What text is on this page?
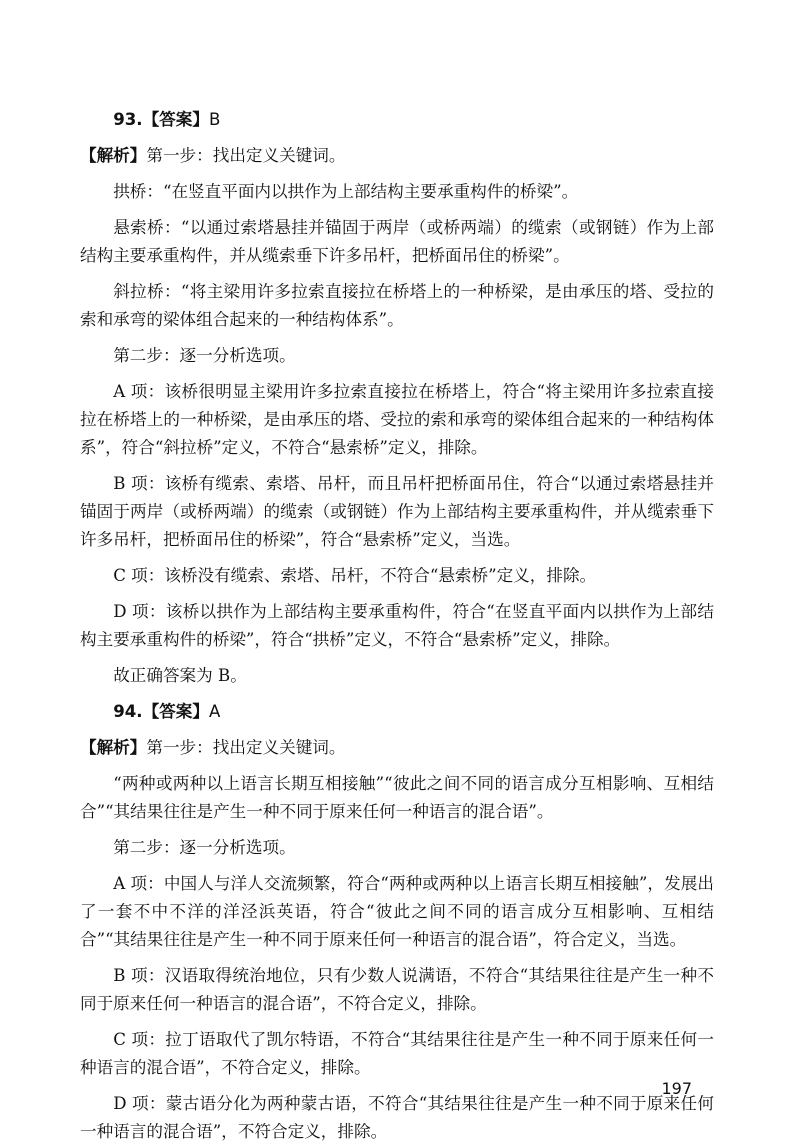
93.【答案】B

【解析】第一步：找出定义关键词。

拱桥：“在竖直平面内以拱作为上部结构主要承重构件的桥梁”。

悬索桥：“以通过索塔悬挂并锚固于两岸（或桥两端）的缆索（或钢链）作为上部结构主要承重构件，并从缆索垂下许多吊杆，把桥面吊住的桥梁”。

斜拉桥：“将主梁用许多拉索直接拉在桥塔上的一种桥梁，是由承压的塔、受拉的索和承弯的梁体组合起来的一种结构体系”。

第二步：逐一分析选项。

A 项：该桥很明显主梁用许多拉索直接拉在桥塔上，符合“将主梁用许多拉索直接拉在桥塔上的一种桥梁，是由承压的塔、受拉的索和承弯的梁体组合起来的一种结构体系”，符合“斜拉桥”定义，不符合“悬索桥”定义，排除。

B 项：该桥有缆索、索塔、吊杆，而且吊杆把桥面吊住，符合“以通过索塔悬挂并锚固于两岸（或桥两端）的缆索（或钢链）作为上部结构主要承重构件，并从缆索垂下许多吊杆，把桥面吊住的桥梁”，符合“悬索桥”定义，当选。

C 项：该桥没有缆索、索塔、吊杆，不符合“悬索桥”定义，排除。

D 项：该桥以拱作为上部结构主要承重构件，符合“在竖直平面内以拱作为上部结构主要承重构件的桥梁”，符合“拱桥”定义，不符合“悬索桥”定义，排除。

故正确答案为 B。

94.【答案】A

【解析】第一步：找出定义关键词。

“两种或两种以上语言长期互相接触”“彼此之间不同的语言成分互相影响、互相结合”“其结果往往是产生一种不同于原来任何一种语言的混合语”。

第二步：逐一分析选项。

A 项：中国人与洋人交流频繁，符合“两种或两种以上语言长期互相接触”，发展出了一套不中不洋的洋泾浜英语，符合“彼此之间不同的语言成分互相影响、互相结合”“其结果往往是产生一种不同于原来任何一种语言的混合语”，符合定义，当选。

B 项：汉语取得统治地位，只有少数人说满语，不符合“其结果往往是产生一种不同于原来任何一种语言的混合语”，不符合定义，排除。

C 项：拉丁语取代了凯尔特语，不符合“其结果往往是产生一种不同于原来任何一种语言的混合语”，不符合定义，排除。

D 项：蒙古语分化为两种蒙古语，不符合“其结果往往是产生一种不同于原来任何一种语言的混合语”，不符合定义，排除。

197
